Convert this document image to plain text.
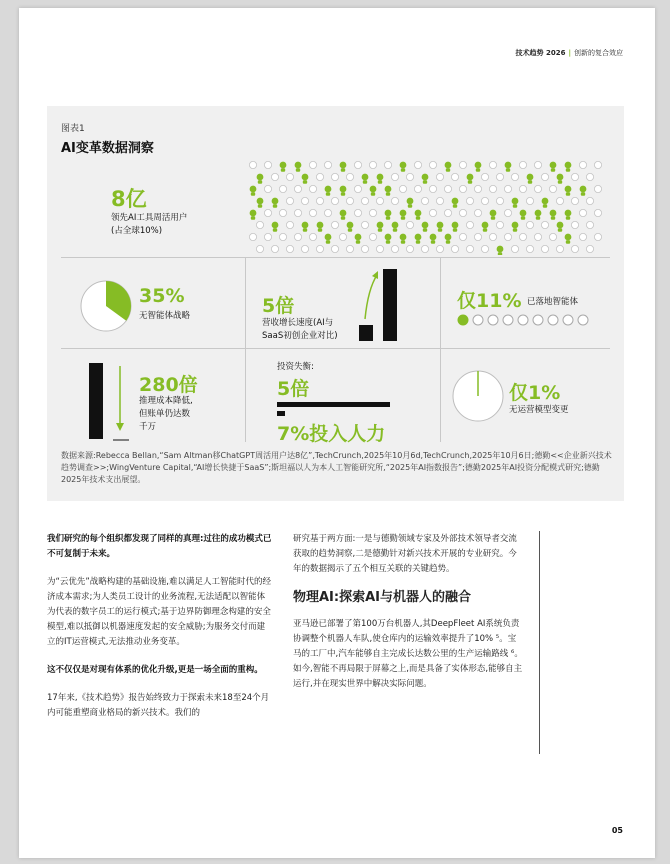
技术趋势 2026 | 创新的复合效应
图表1
AI变革数据洞察
8亿
领先AI工具周活用户
(占全球10%)
35%
无智能体战略	5倍
营收增长速度(AI与
SaaS初创企业对比)
仅11% 已落地智能体
280倍
推理成本降低,
但账单仍达数
千万
投资失衡:
5倍
7%投入人力
仅1%
无运营模型变更
数据来源:Rebecca Bellan,“Sam Altman移ChatGPT周活用户达8亿”,TechCrunch,2025年10月6d,TechCrunch,2025年10月6日;德勤<<企业新兴技术趋势调查>>;WingVenture Capital,“AI增长快捷于SaaS”;斯坦福以人为本人工智能研究所,“2025年AI指数报告”;德勤2025年AI投资分配模式研究;德勤2025年技术支出展望。

我们研究的每个组织都发现了同样的真理:过往的成功模式已不可复制于未来。

为“云优先”战略构建的基础设施,难以满足人工智能时代的经济成本需求;为人类员工设计的业务流程,无法适配以智能体为代表的数字员工的运行模式;基于边界防御理念构建的安全模型,难以抵御以机器速度发起的安全威胁;为服务交付而建立的IT运营模式,无法推动业务变革。

这不仅仅是对现有体系的优化升级,更是一场全面的重构。

17年来,《技术趋势》报告始终致力于探索未来18至24个月内可能重塑商业格局的新兴技术。我们的

研究基于两方面:一是与德勤领域专家及外部技术领导者交流获取的趋势洞察,二是德勤针对新兴技术开展的专业研究。今年的数据揭示了五个相互关联的关键趋势。

物理AI:探索AI与机器人的融合

亚马逊已部署了第100万台机器人,其DeepFleet AI系统负责协调整个机器人车队,使仓库内的运输效率提升了10% ⁵。宝马的工厂中,汽车能够自主完成长达数公里的生产运输路线 ⁶。如今,智能不再局限于屏幕之上,而是具备了实体形态,能够自主运行,并在现实世界中解决实际问题。

05
